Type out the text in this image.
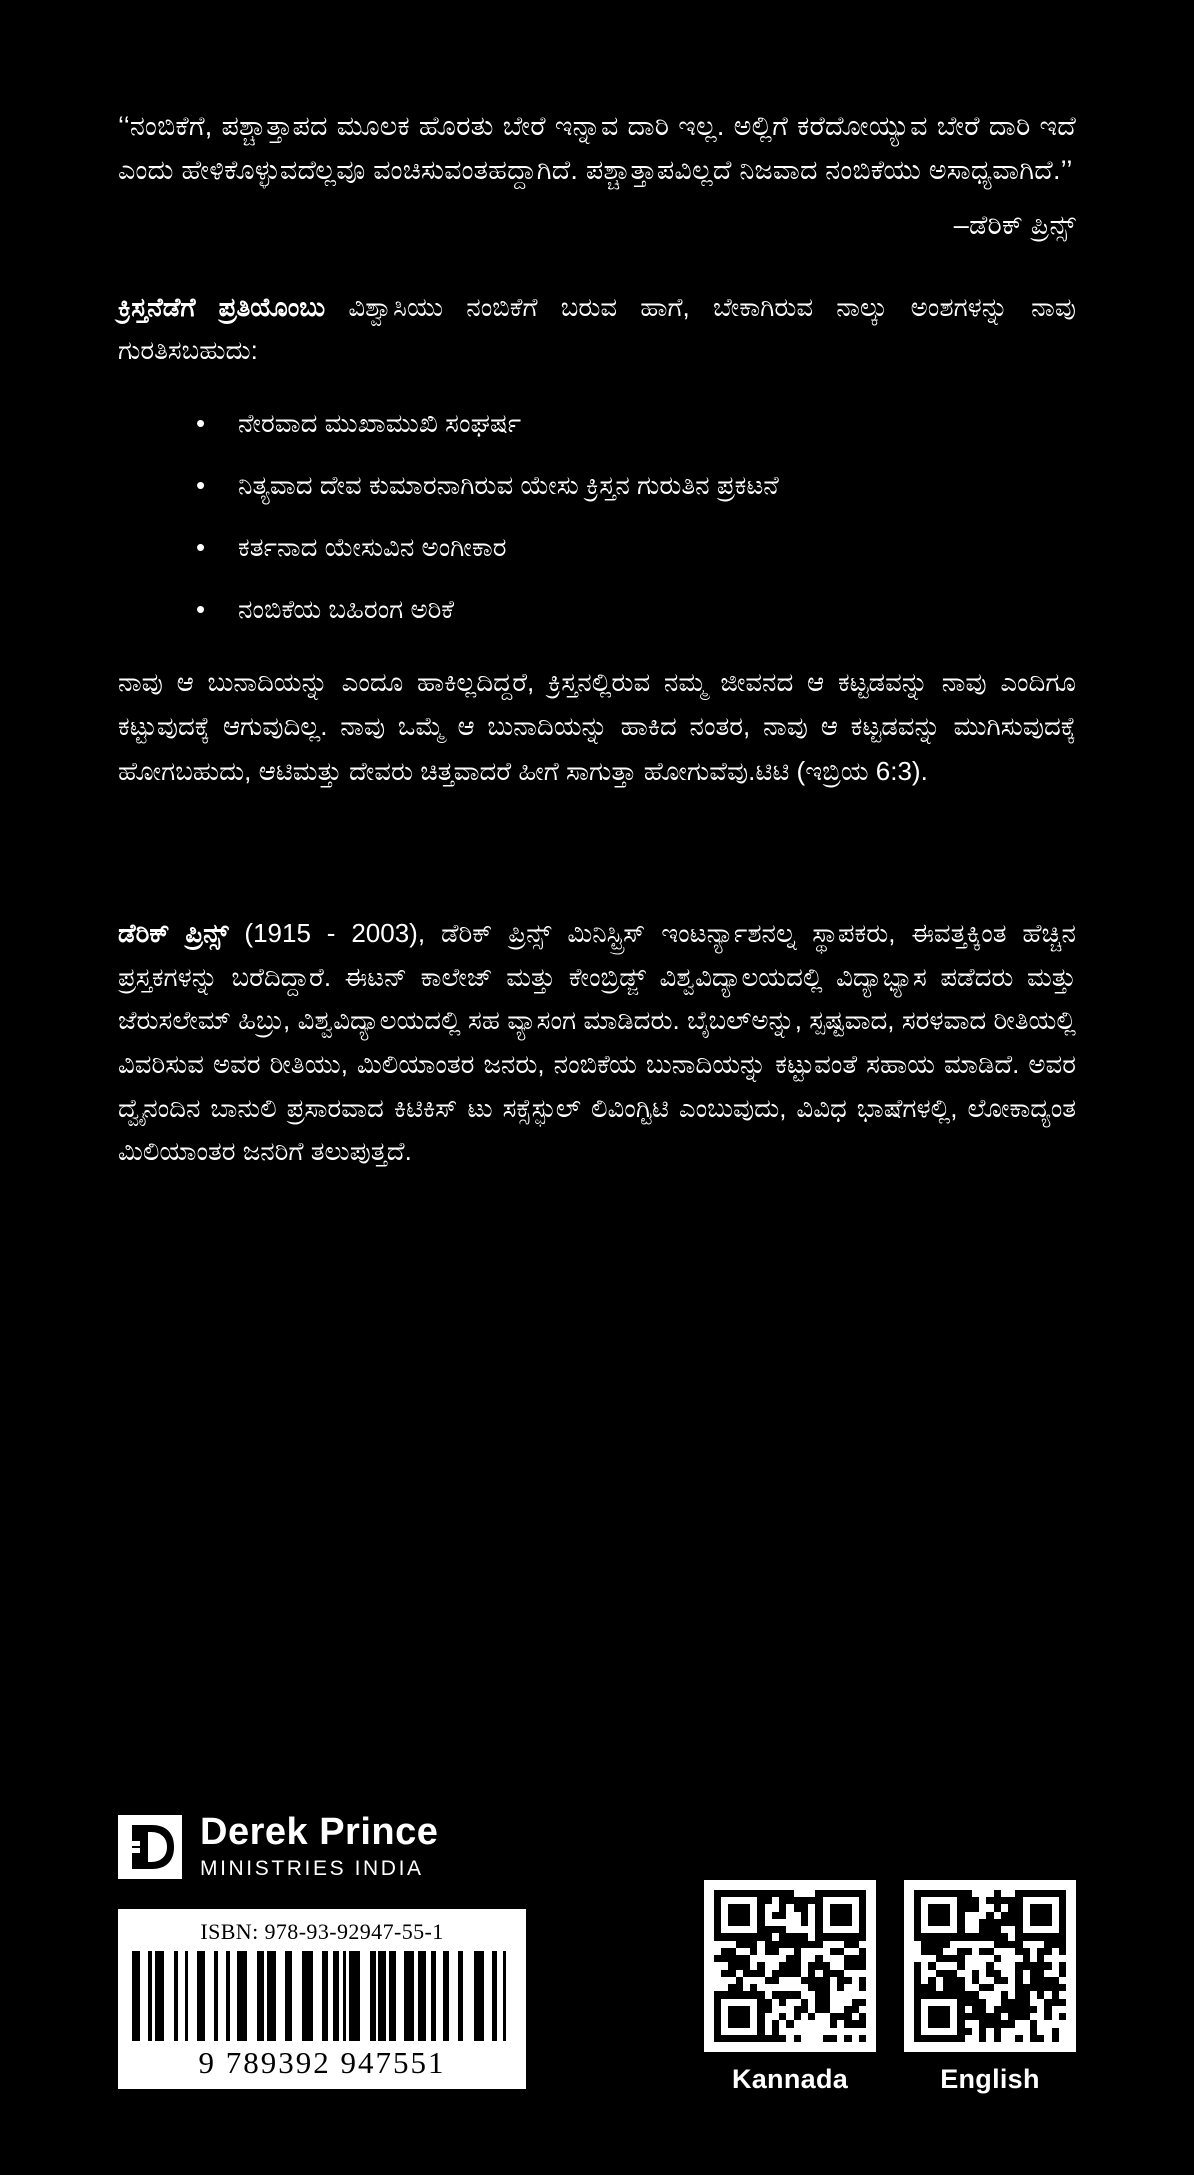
‘‘ನಂಬಿಕೆಗೆ, ಪಶ್ಚಾತ್ತಾಪದ ಮೂಲಕ ಹೊರತು ಬೇರೆ ಇನ್ನಾವ ದಾರಿ ಇಲ್ಲ. ಅಲ್ಲಿಗೆ ಕರೆದೋಯ್ಯುವ ಬೇರೆ ದಾರಿ ಇದೆ ಎಂದು ಹೇಳಿಕೊಳ್ಳುವದೆಲ್ಲವೂ ವಂಚಿಸುವಂತಹದ್ದಾಗಿದೆ. ಪಶ್ಚಾತ್ತಾಪವಿಲ್ಲದೆ ನಿಜವಾದ ನಂಬಿಕೆಯು ಅಸಾಧ್ಯವಾಗಿದೆ.’’

–ಡೆರಿಕ್ ಪ್ರಿನ್ಸ್

ಕ್ರಿಸ್ತನೆಡೆಗೆ ಪ್ರತಿಯೊಂಬು ವಿಶ್ವಾಸಿಯು ನಂಬಿಕೆಗೆ ಬರುವ ಹಾಗೆ, ಬೇಕಾಗಿರುವ ನಾಲ್ಕು ಅಂಶಗಳನ್ನು ನಾವು ಗುರತಿಸಬಹುದು:

• ನೇರವಾದ ಮುಖಾಮುಖಿ ಸಂಘರ್ಷ
• ನಿತ್ಯವಾದ ದೇವ ಕುಮಾರನಾಗಿರುವ ಯೇಸು ಕ್ರಿಸ್ತನ ಗುರುತಿನ ಪ್ರಕಟನೆ
• ಕರ್ತನಾದ ಯೇಸುವಿನ ಅಂಗೀಕಾರ
• ನಂಬಿಕೆಯ ಬಹಿರಂಗ ಅರಿಕೆ

ನಾವು ಆ ಬುನಾದಿಯನ್ನು ಎಂದೂ ಹಾಕಿಲ್ಲದಿದ್ದರೆ, ಕ್ರಿಸ್ತನಲ್ಲಿರುವ ನಮ್ಮ ಜೀವನದ ಆ ಕಟ್ಟಡವನ್ನು ನಾವು ಎಂದಿಗೂ ಕಟ್ಟುವುದಕ್ಕೆ ಆಗುವುದಿಲ್ಲ. ನಾವು ಒಮ್ಮೆ ಆ ಬುನಾದಿಯನ್ನು ಹಾಕಿದ ನಂತರ, ನಾವು ಆ ಕಟ್ಟಡವನ್ನು ಮುಗಿಸುವುದಕ್ಕೆ ಹೋಗಬಹುದು, ಆಟಿಮತ್ತು ದೇವರು ಚಿತ್ತವಾದರೆ ಹೀಗೆ ಸಾಗುತ್ತಾ ಹೋಗುವೆವು.ಟಿಟಿ (ಇಬ್ರಿಯ 6:3).

ಡೆರಿಕ್ ಪ್ರಿನ್ಸ್ (1915 - 2003), ಡೆರಿಕ್ ಪ್ರಿನ್ಸ್ ಮಿನಿಸ್ಟ್ರಿಸ್ ಇಂಟರ್ನ್ಯಾಶನಲ್ನ ಸ್ಥಾಪಕರು, ಈವತ್ತಕ್ಕಿಂತ ಹೆಚ್ಚಿನ ಪ್ರಸ್ತಕಗಳನ್ನು ಬರೆದಿದ್ದಾರೆ. ಈಟನ್ ಕಾಲೇಜ್ ಮತ್ತು ಕೇಂಬ್ರಿಡ್ಜ್ ವಿಶ್ವವಿದ್ಯಾಲಯದಲ್ಲಿ ವಿದ್ಯಾಭ್ಯಾಸ ಪಡೆದರು ಮತ್ತು ಜೆರುಸಲೇಮ್ ಹಿಬ್ರು, ವಿಶ್ವವಿದ್ಯಾಲಯದಲ್ಲಿ ಸಹ ವ್ಯಾಸಂಗ ಮಾಡಿದರು. ಬೈಬಲ್ಅನ್ನು, ಸ್ಪಷ್ಟವಾದ, ಸರಳವಾದ ರೀತಿಯಲ್ಲಿ ವಿವರಿಸುವ ಅವರ ರೀತಿಯು, ಮಿಲಿಯಾಂತರ ಜನರು, ನಂಬಿಕೆಯ ಬುನಾದಿಯನ್ನು ಕಟ್ಟುವಂತೆ ಸಹಾಯ ಮಾಡಿದೆ. ಅವರ ದ್ವೈನಂದಿನ ಬಾನುಲಿ ಪ್ರಸಾರವಾದ ಕಿಟಿಕಿಸ್ ಟು ಸಕ್ಸೆಸ್ಫುಲ್ ಲಿವಿಂಗ್ಟಿಟಿ ಎಂಬುವುದು, ವಿವಿಧ ಭಾಷೆಗಳಲ್ಲಿ, ಲೋಕಾದ್ಯಂತ ಮಿಲಿಯಾಂತರ ಜನರಿಗೆ ತಲುಪುತ್ತದೆ.

Derek Prince
MINISTRIES INDIA
ISBN: 978-93-92947-55-1
9 789392 947551	Kannada	English
